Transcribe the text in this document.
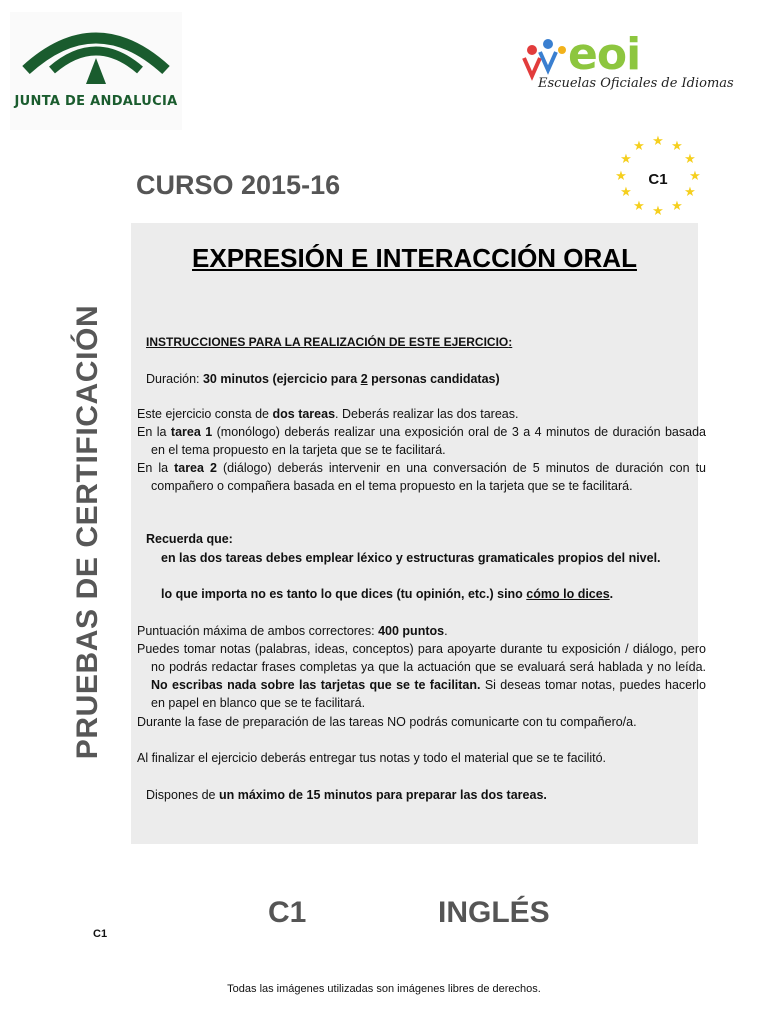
JUNTA DE ANDALUCIA
eoi
Escuelas Oficiales de Idiomas
★ ★
★
★
★
★
★
★
★
★
★
★
C1
CURSO 2015-16
PRUEBAS DE CERTIFICACIÓN
EXPRESIÓN E INTERACCIÓN ORAL
INSTRUCCIONES PARA LA REALIZACIÓN DE ESTE EJERCICIO:
Duración: 30 minutos (ejercicio para 2 personas candidatas)
Este ejercicio consta de dos tareas. Deberás realizar las dos tareas.
En la tarea 1 (monólogo) deberás realizar una exposición oral de 3 a 4 minutos de duración basada en el tema propuesto en la tarjeta que se te facilitará.
En la tarea 2 (diálogo) deberás intervenir en una conversación de 5 minutos de duración con tu compañero o compañera basada en el tema propuesto en la tarjeta que se te facilitará.
Recuerda que:
en las dos tareas debes emplear léxico y estructuras gramaticales propios del nivel.
lo que importa no es tanto lo que dices (tu opinión, etc.) sino cómo lo dices.
Puntuación máxima de ambos correctores: 400 puntos.
Puedes tomar notas (palabras, ideas, conceptos) para apoyarte durante tu exposición / diálogo, pero no podrás redactar frases completas ya que la actuación que se evaluará será hablada y no leída. No escribas nada sobre las tarjetas que se te facilitan. Si deseas tomar notas, puedes hacerlo en papel en blanco que se te facilitará.
Durante la fase de preparación de las tareas NO podrás comunicarte con tu compañero/a.
Al finalizar el ejercicio deberás entregar tus notas y todo el material que se te facilitó.
Dispones de un máximo de 15 minutos para preparar las dos tareas.
C1	INGLÉS
C1
Todas las imágenes utilizadas son imágenes libres de derechos.
